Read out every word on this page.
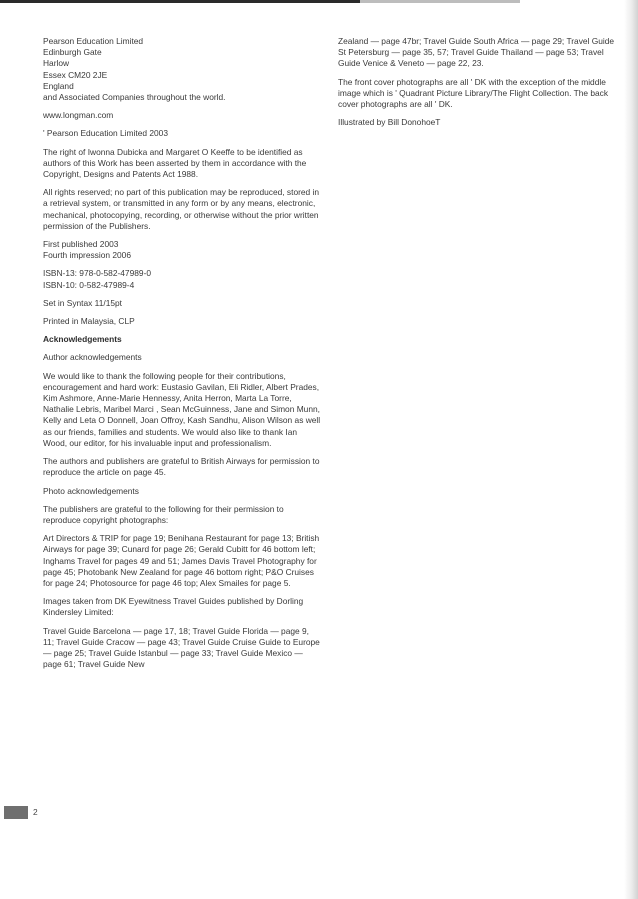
Pearson Education Limited
Edinburgh Gate
Harlow
Essex CM20 2JE
England
and Associated Companies throughout the world.

www.longman.com

' Pearson Education Limited 2003

The right of Iwonna Dubicka and Margaret O Keeffe to be identified as authors of this Work has been asserted by them in accordance with the Copyright, Designs and Patents Act 1988.

All rights reserved; no part of this publication may be reproduced, stored in a retrieval system, or transmitted in any form or by any means, electronic, mechanical, photocopying, recording, or otherwise without the prior written permission of the Publishers.

First published 2003
Fourth impression 2006

ISBN-13: 978-0-582-47989-0
ISBN-10: 0-582-47989-4

Set in Syntax 11/15pt

Printed in Malaysia, CLP

Acknowledgements

Author acknowledgements

We would like to thank the following people for their contributions, encouragement and hard work: Eustasio Gavilan, Eli Ridler, Albert Prades, Kim Ashmore, Anne-Marie Hennessy, Anita Herron, Marta La Torre, Nathalie Lebris, Maribel Marci , Sean McGuinness, Jane and Simon Munn, Kelly and Leta O Donnell, Joan Offroy, Kash Sandhu, Alison Wilson as well as our friends, families and students. We would also like to thank Ian Wood, our editor, for his invaluable input and professionalism.

The authors and publishers are grateful to British Airways for permission to reproduce the article on page 45.

Photo acknowledgements

The publishers are grateful to the following for their permission to reproduce copyright photographs:

Art Directors & TRIP for page 19; Benihana Restaurant for page 13; British Airways for page 39; Cunard for page 26; Gerald Cubitt for 46 bottom left; Inghams Travel for pages 49 and 51; James Davis Travel Photography for page 45; Photobank New Zealand for page 46 bottom right; P&O Cruises for page 24; Photosource for page 46 top; Alex Smailes for page 5.

Images taken from DK Eyewitness Travel Guides published by Dorling Kindersley Limited:

Travel Guide Barcelona — page 17, 18; Travel Guide Florida — page 9, 11; Travel Guide Cracow — page 43; Travel Guide Cruise Guide to Europe — page 25; Travel Guide Istanbul — page 33; Travel Guide Mexico — page 61; Travel Guide New

Zealand — page 47br; Travel Guide South Africa — page 29; Travel Guide St Petersburg — page 35, 57; Travel Guide Thailand — page 53; Travel Guide Venice & Veneto — page 22, 23.

The front cover photographs are all ' DK with the exception of the middle image which is ' Quadrant Picture Library/The Flight Collection. The back cover photographs are all ' DK.

Illustrated by Bill DonohoeT

2
